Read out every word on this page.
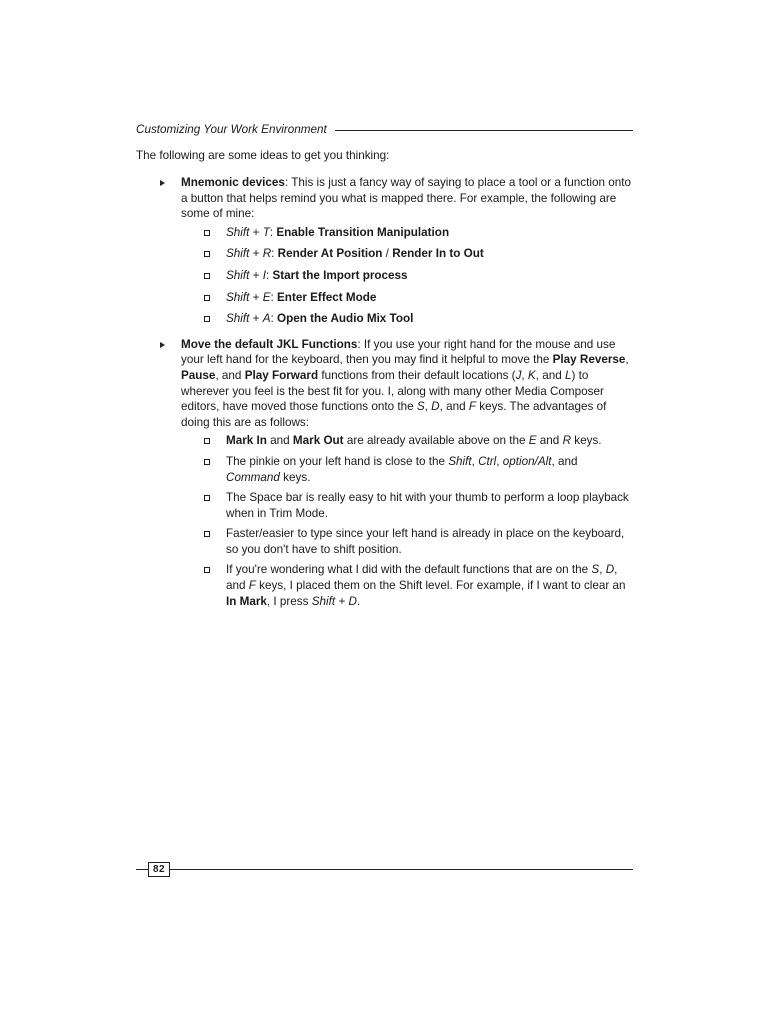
Customizing Your Work Environment

The following are some ideas to get you thinking:

Mnemonic devices: This is just a fancy way of saying to place a tool or a function onto a button that helps remind you what is mapped there. For example, the following are some of mine:
Shift + T: Enable Transition Manipulation
Shift + R: Render At Position / Render In to Out
Shift + I: Start the Import process
Shift + E: Enter Effect Mode
Shift + A: Open the Audio Mix Tool
Move the default JKL Functions: If you use your right hand for the mouse and use your left hand for the keyboard, then you may find it helpful to move the Play Reverse, Pause, and Play Forward functions from their default locations (J, K, and L) to wherever you feel is the best fit for you. I, along with many other Media Composer editors, have moved those functions onto the S, D, and F keys. The advantages of doing this are as follows:
Mark In and Mark Out are already available above on the E and R keys.
The pinkie on your left hand is close to the Shift, Ctrl, option/Alt, and Command keys.
The Space bar is really easy to hit with your thumb to perform a loop playback when in Trim Mode.
Faster/easier to type since your left hand is already in place on the keyboard, so you don't have to shift position.
If you're wondering what I did with the default functions that are on the S, D, and F keys, I placed them on the Shift level. For example, if I want to clear an In Mark, I press Shift + D.
82
